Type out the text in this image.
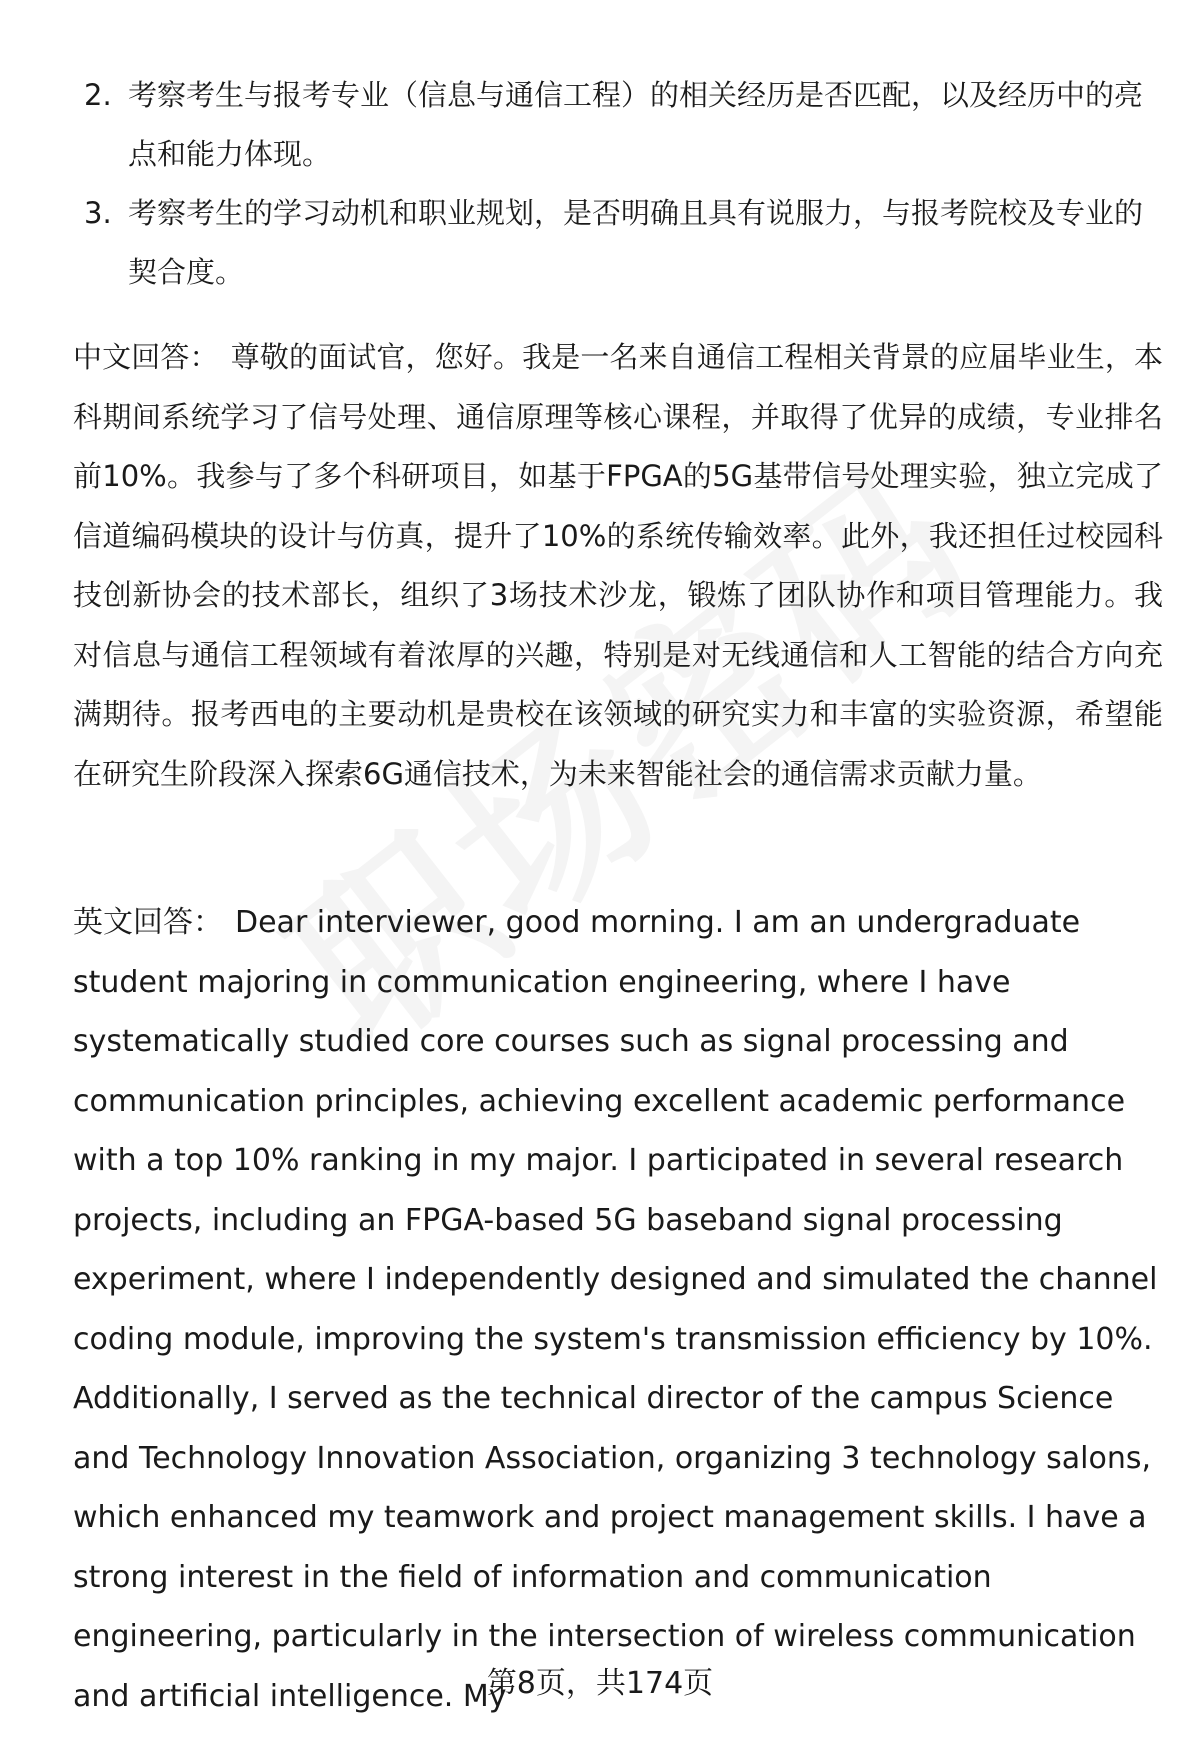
2. 考察考生与报考专业（信息与通信工程）的相关经历是否匹配，以及经历中的亮点和能力体现。
3. 考察考生的学习动机和职业规划，是否明确且具有说服力，与报考院校及专业的契合度。

中文回答： 尊敬的面试官，您好。我是一名来自通信工程相关背景的应届毕业生，本科期间系统学习了信号处理、通信原理等核心课程，并取得了优异的成绩，专业排名前10%。我参与了多个科研项目，如基于FPGA的5G基带信号处理实验，独立完成了信道编码模块的设计与仿真，提升了10%的系统传输效率。此外，我还担任过校园科技创新协会的技术部长，组织了3场技术沙龙，锻炼了团队协作和项目管理能力。我对信息与通信工程领域有着浓厚的兴趣，特别是对无线通信和人工智能的结合方向充满期待。报考西电的主要动机是贵校在该领域的研究实力和丰富的实验资源，希望能在研究生阶段深入探索6G通信技术，为未来智能社会的通信需求贡献力量。

英文回答： Dear interviewer, good morning. I am an undergraduate student majoring in communication engineering, where I have systematically studied core courses such as signal processing and communication principles, achieving excellent academic performance with a top 10% ranking in my major. I participated in several research projects, including an FPGA-based 5G baseband signal processing experiment, where I independently designed and simulated the channel coding module, improving the system's transmission efficiency by 10%. Additionally, I served as the technical director of the campus Science and Technology Innovation Association, organizing 3 technology salons, which enhanced my teamwork and project management skills. I have a strong interest in the field of information and communication engineering, particularly in the intersection of wireless communication and artificial intelligence. My

第8页，共174页
